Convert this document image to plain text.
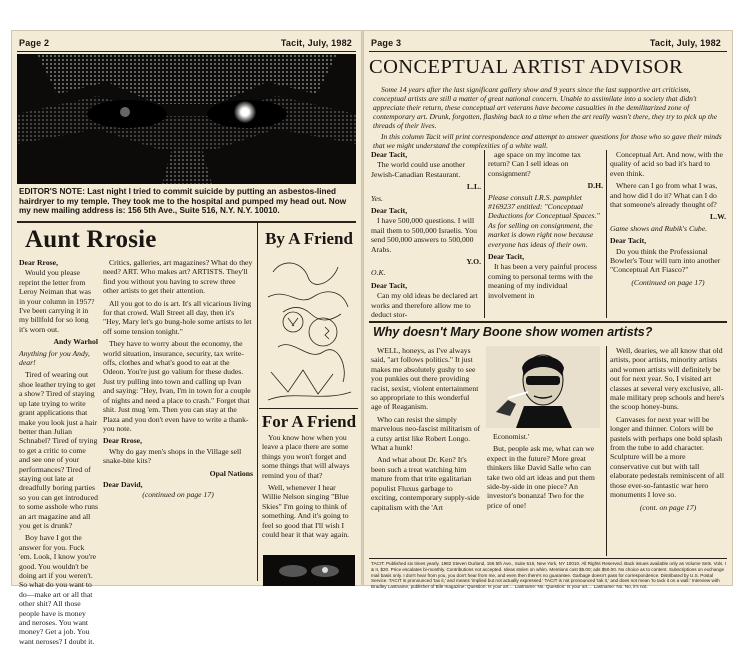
Page 2	Tacit, July, 1982
EDITOR'S NOTE: Last night I tried to commit suicide by putting an asbestos-lined hairdryer to my temple. They took me to the hospital and pumped my head out. Now my new mailing address is: 156 5th Ave., Suite 516, N.Y. N.Y. 10010.
Aunt Rrosie

Dear Rrose,

Would you please reprint the letter from Leroy Neiman that was in your column in 1957? I've been carrying it in my billfold for so long it's worn out.

Andy Warhol

Anything for you Andy, dear!

Tired of wearing out shoe leather trying to get a show? Tired of staying up late trying to write grant applications that make you look just a hair better than Julian Schnabel? Tired of trying to get a critic to come and see one of your performances? Tired of staying out late at dreadfully boring parties so you can get introduced to some asshole who runs an art magazine and all you get is drunk?

Boy have I got the answer for you. Fuck 'em. Look, I know you're good. You wouldn't be doing art if you weren't. So what do you want to do—make art or all that other shit? All those people have is money and neroses. You want money? Get a job. You want neroses? I doubt it.

Critics, galleries, art magazines? What do they need? ART. Who makes art? ARTISTS. They'll find you without you having to screw three other artists to get their attention.

All you got to do is art. It's all vicarious living for that crowd. Wall Street all day, then it's "Hey, Mary let's go bung-hole some artists to let off some tension tonight."

They have to worry about the economy, the world situation, insurance, security, tax write-offs, clothes and what's good to eat at the Odeon. You're just go valium for these dudes. Just try pulling into town and calling up Ivan and saying: "Hey, Ivan, I'm in town for a couple of nights and need a place to crash." Forget that shit. Just mug 'em. Then you can stay at the Plaza and you don't even have to write a thank-you note.

Dear Rrose,

Why do gay men's shops in the Village sell snake-bite kits?

Opal Nations

Dear David,

(continued on page 17)

By A Friend
For A Friend

You know how when you leave a place there are some things you won't forget and some things that will always remind you of that?

Well, whenever I hear Willie Nelson singing "Blue Skies" I'm going to think of something. And it's going to feel so good that I'll wish I could hear it that way again.

Page 3	Tacit, July, 1982
CONCEPTUAL ARTIST ADVISOR
Some 14 years after the last significant gallery show and 9 years since the last supportive art criticism, conceptual artists are still a matter of great national concern. Unable to assimilate into a society that didn't appreciate their return, these conceptual art veterans have become casualties in the demilitarized zone of contemporary art. Drunk, forgotten, flashing back to a time when the art really wasn't there, they try to pick up the threads of their lives.
In this column Tacit will print correspondence and attempt to answer questions for those who so gave their minds that we might understand the complexities of a white wall.

Dear Tacit,

The world could use another Jewish-Canadian Restaurant.

L.L.

Yes.

Dear Tacit,

I have 500,000 questions. I will mail them to 500,000 Israelis. You send 500,000 answers to 500,000 Arabs.

Y.O.

O.K.

Dear Tacit,

Can my old ideas be declared art works and therefore allow me to deduct stor-

age space on my income tax return? Can I sell ideas on consignment?

D.H.

Please consult I.R.S. pamphlet #169237 entitled: "Conceptual Deductions for Conceptual Spaces." As for selling on consignment, the market is down right now because everyone has ideas of their own.

Dear Tacit,

It has been a very painful process coming to personal terms with the meaning of my individual involvement in

Conceptual Art. And now, with the quality of acid so bad it's hard to even think.

Where can I go from what I was, and how did I do it? What can I do that someone's already thought of?

L.W.

Game shows and Rubik's Cube.

Dear Tacit,

Do you think the Professional Bowler's Tour will turn into another "Conceptual Art Fiasco?"

(Continued on page 17)

Why doesn't Mary Boone show women artists?

WELL, honeys, as I've always said, "art follows politics." It just makes me absolutely gushy to see you punkies out there providing racist, sexist, violent entertainment so appropriate to this wonderful age of Reaganism.

Who can resist the simply marvelous neo-fascist militarism of a cutsy artist like Robert Longo. What a hunk!

And what about Dr. Ken? It's been such a treat watching him mature from that trite egalitarian populist Fluxus garbage to exciting, contemporary supply-side capitalism with the 'Art

Economist.'

But, people ask me, what can we expect in the future? More great thinkers like David Salle who can take two old art ideas and put them side-by-side in one piece? An investor's bonanza! Two for the price of one!

Well, dearies, we all know that old artists, poor artists, minority artists and women artists will definitely be out for next year. So, I visited art classes at several very exclusive, all-male military prep schools and here's the scoop honey-buns.

Canvases for next year will be longer and thinner. Colors will be pastels with perhaps one bold splash from the tube to add character. Sculpture will be a more conservative cut but with tall elaborate pedestals reminiscent of all those ever-so-fantastic war hero monuments I love so.

(cont. on page 17)

TACIT: Published six times yearly. 1982 Steven Durland, 156 5th Ave., Suite 516, New York, NY 10010. All Rights Reserved. Back issues available only as Volume Sets. Vols. I & II, $20. Price escalates bi-monthly. Contributions not accepted. Ideas stolen on whim. Mentions cost $5.00; ads $50.00. No choice as to content. Subscriptions on exchange mail basis only. I don't hear from you, you don't hear from me, and even then there's no guarantee. Garbage doesn't pass for correspondence. Distributed by U.S. Postal Service. TACIT is pronounced 'tax it,' and means 'implied but not actually expressed.' TACIT is not pronounced 'tak it,' and does not mean 'to tack it on a wall.' Interview with Bradley Lastname, publisher of Bile magazine: Question: Is your art.... Lastname: No. Question: Is your art.... Lastname: No. No, it's not.
